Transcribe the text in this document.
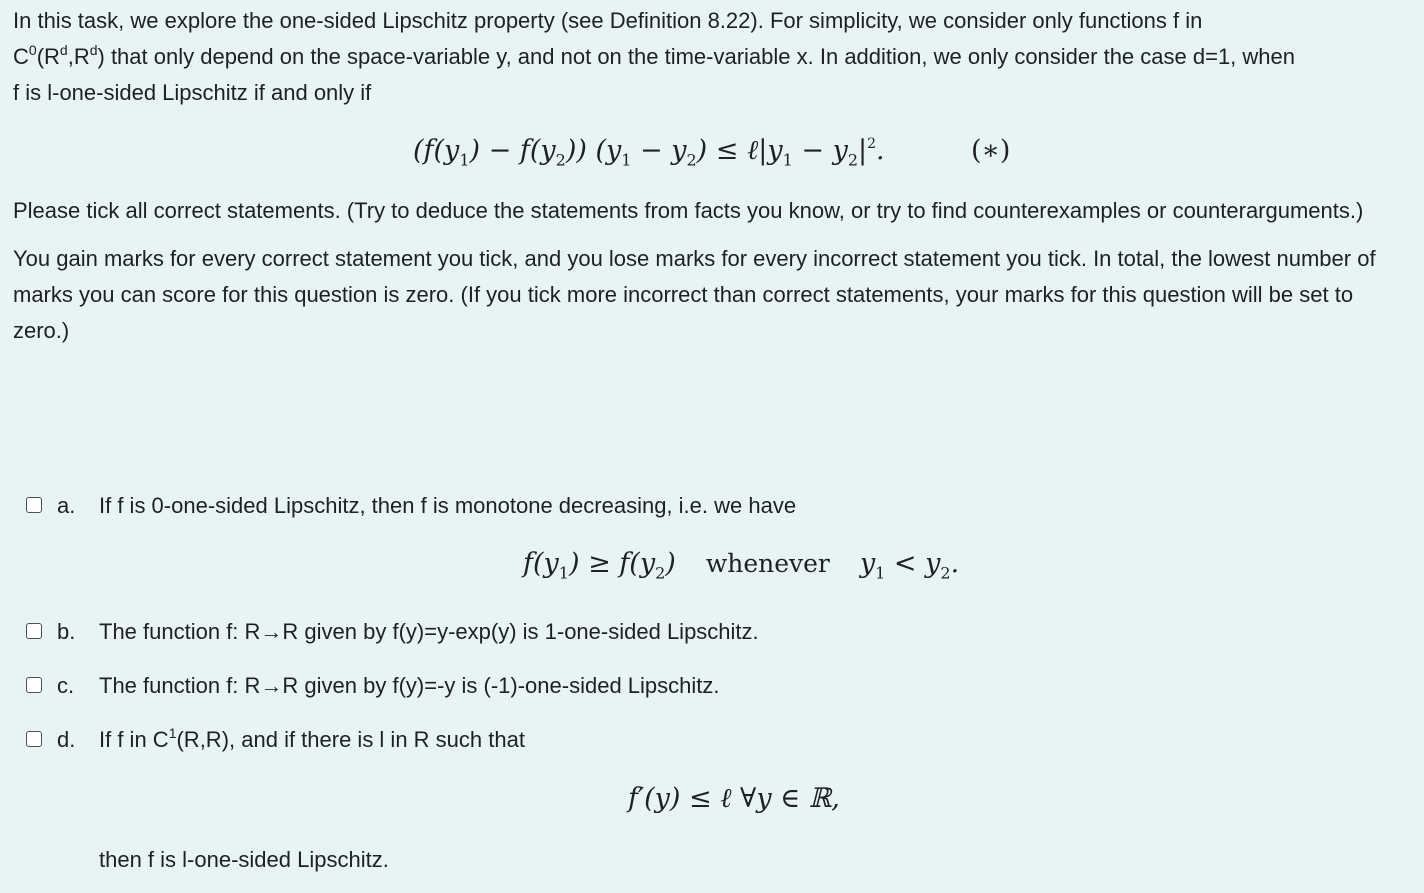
In this task, we explore the one-sided Lipschitz property (see Definition 8.22). For simplicity, we consider only functions f in
$C^0(R^d,R^d)$ that only depend on the space-variable y, and not on the time-variable x. In addition, we only consider the case d=1, when
f is l-one-sided Lipschitz if and only if

$(f(y_1) - f(y_2)) (y_1 - y_2)$ ≤ $\ell|y_1 - y_2|^2$.	(∗)

Please tick all correct statements. (Try to deduce the statements from facts you know, or try to find counterexamples or counterarguments.)

You gain marks for every correct statement you tick, and you lose marks for every incorrect statement you tick. In total, the lowest number of marks you can score for this question is zero. (If you tick more incorrect than correct statements, your marks for this question will be set to zero.)

a. If f is 0-one-sided Lipschitz, then f is monotone decreasing, i.e. we have
$f(y_1) \ge f(y_2)$ whenever $y_1 < y_2$.
b. The function f: R→R given by f(y)=y-exp(y) is 1-one-sided Lipschitz.
c. The function f: R→R given by f(y)=-y is (-1)-one-sided Lipschitz.
d. If f in $C^1(R,R)$, and if there is l in R such that
f′(y) ≤ ℓ ∀y ∈ ℝ,
then f is l-one-sided Lipschitz.
